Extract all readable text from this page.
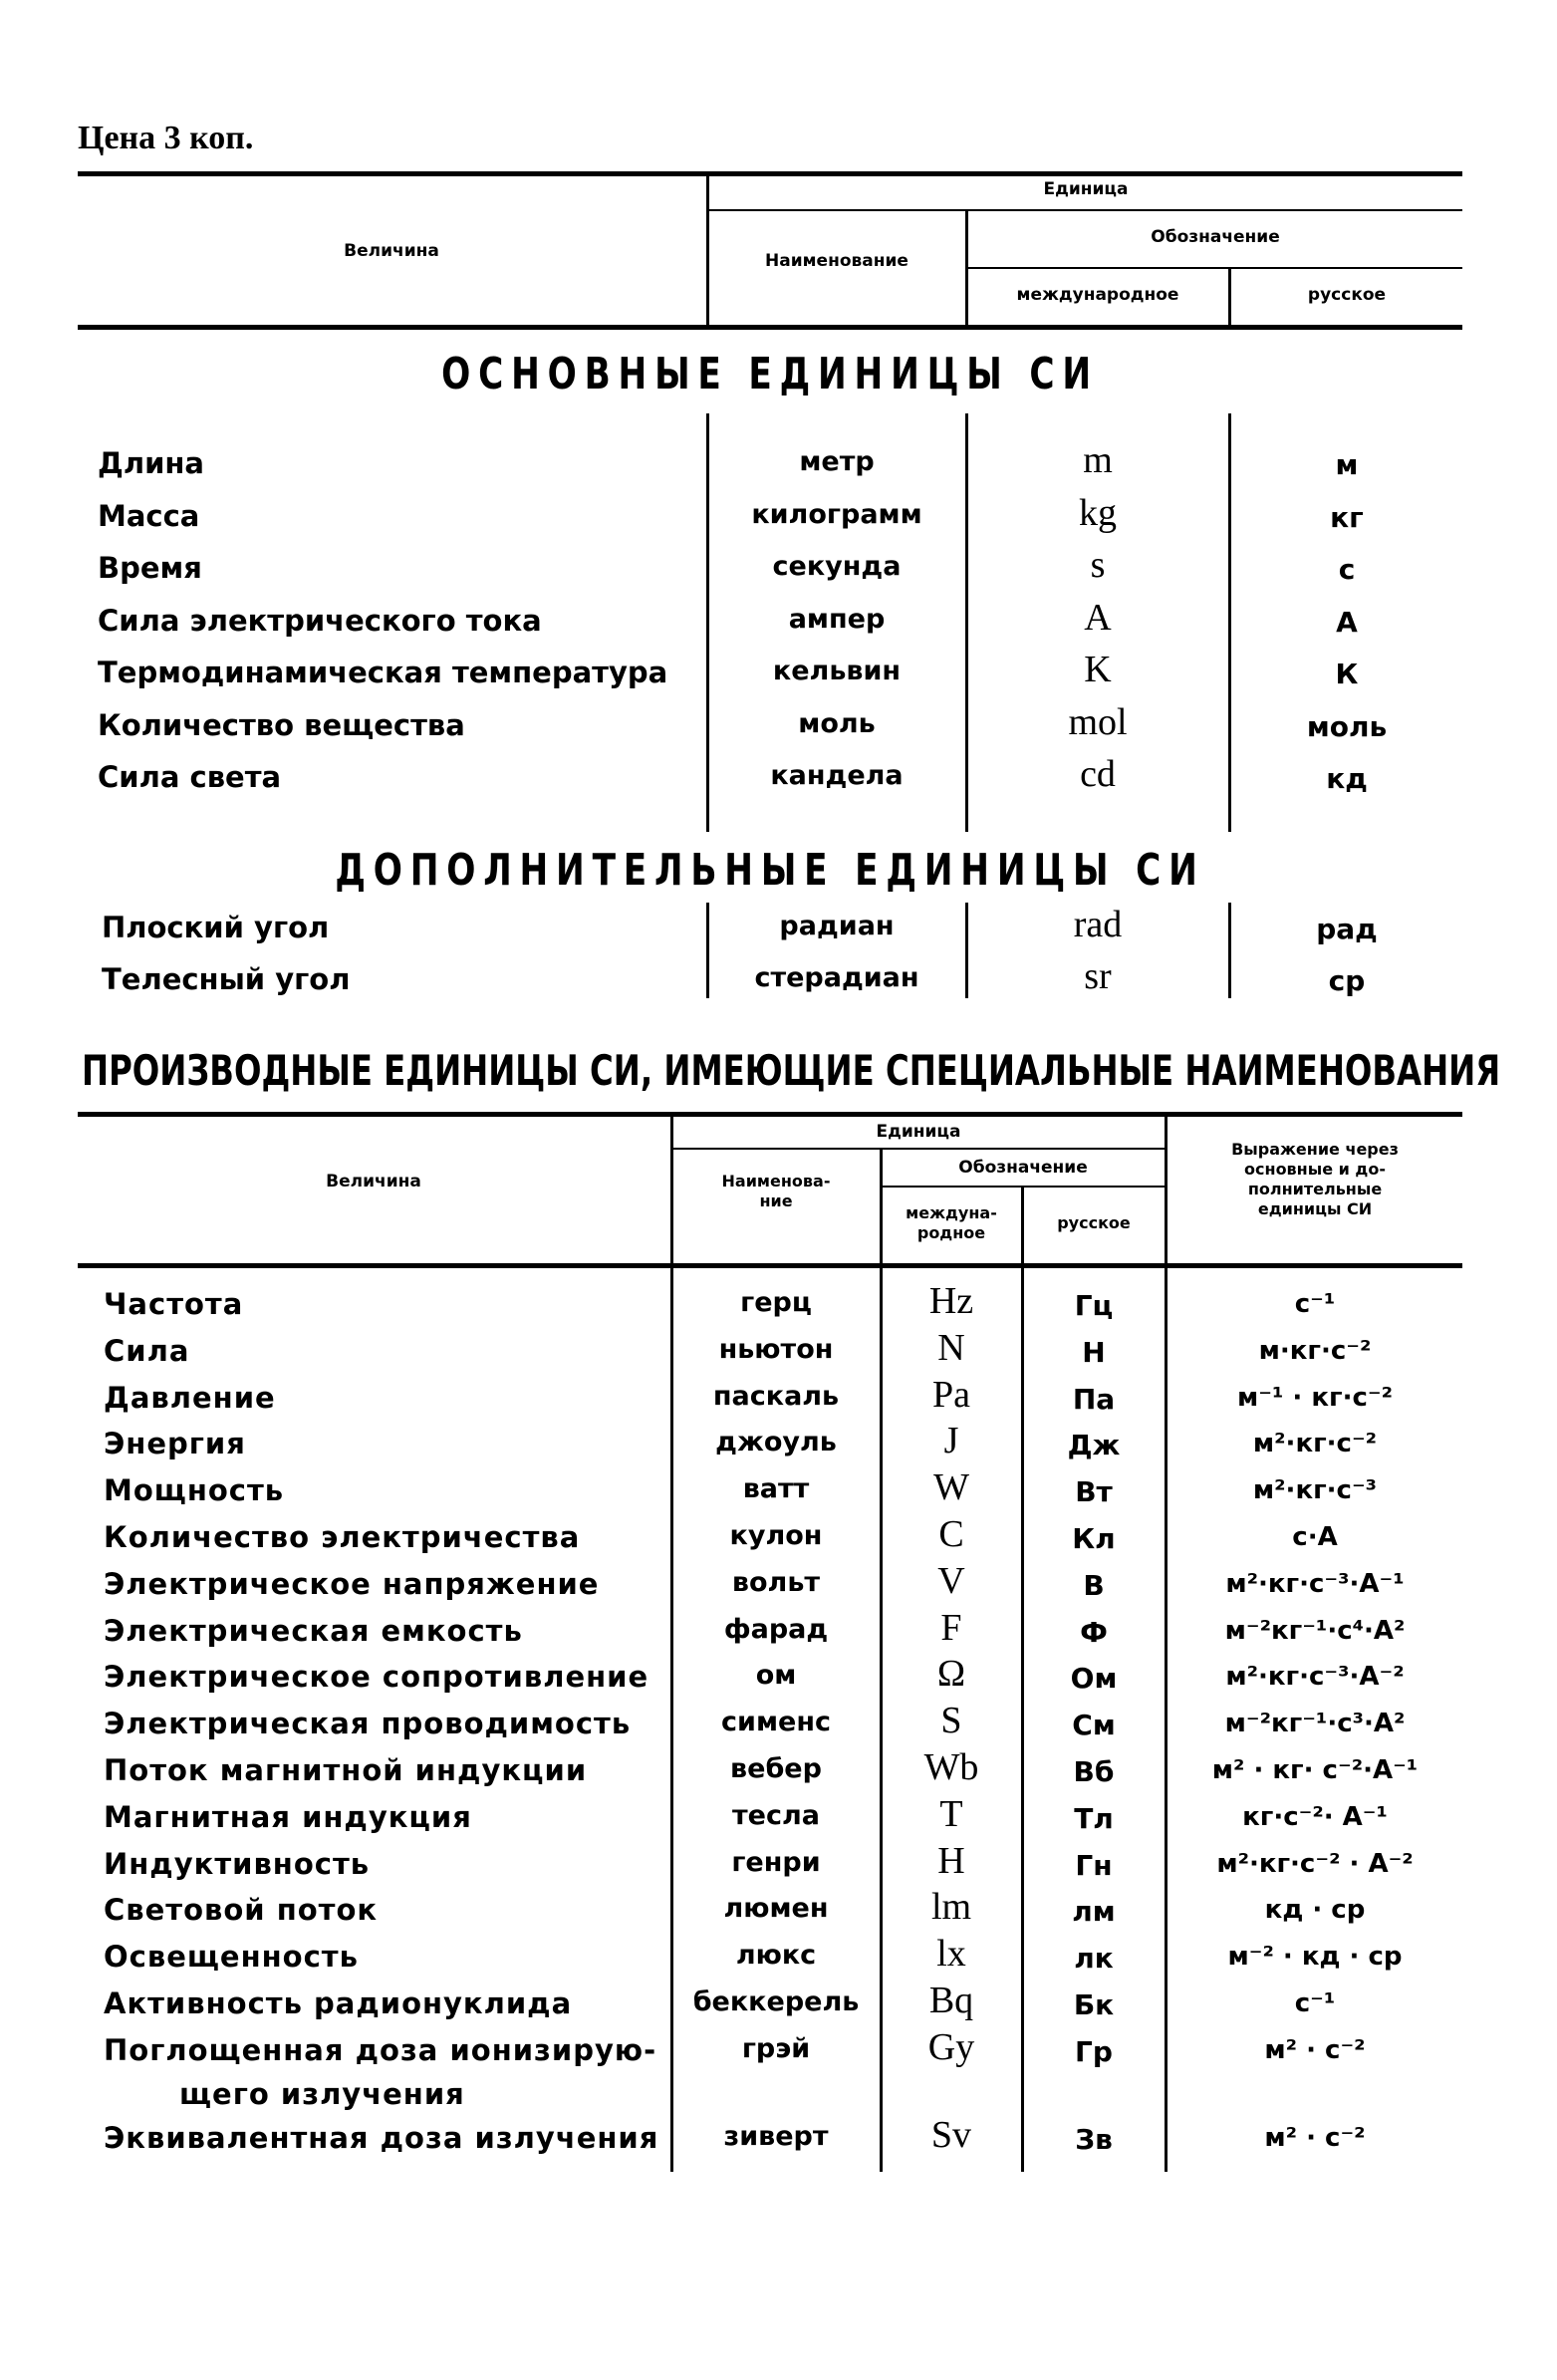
Цена 3 коп.
Величина
Единица
Наименование
Обозначение
международное	русское
ОСНОВНЫЕ ЕДИНИЦЫ СИ
Длина	метр	m	м
Масса	килограмм	kg	кг
Время	секунда	s	с
Сила электрического тока	ампер	A	А
Термодинамическая температура	кельвин	K	К
Количество вещества	моль	mol	моль
Сила света	кандела	cd	кд
ДОПОЛНИТЕЛЬНЫЕ ЕДИНИЦЫ СИ
Плоский угол	радиан	rad	рад
Телесный угол	стерадиан	sr	ср
ПРОИЗВОДНЫЕ ЕДИНИЦЫ СИ, ИМЕЮЩИЕ СПЕЦИАЛЬНЫЕ НАИМЕНОВАНИЯ
Величина
Единица
Наименова-
ние
Обозначение
междуна-
родное
русское
Выражение через
основные и до-
полнительные
единицы СИ
Частота	герц	Hz	Гц	с⁻¹
Сила	ньютон	N	Н	м·кг·с⁻²
Давление	паскаль	Pa	Па	м⁻¹ · кг·с⁻²
Энергия	джоуль	J	Дж	м²·кг·с⁻²
Мощность	ватт	W	Вт	м²·кг·с⁻³
Количество электричества	кулон	C	Кл	с·А
Электрическое напряжение	вольт	V	В	м²·кг·с⁻³·А⁻¹
Электрическая емкость	фарад	F	Ф	м⁻²кг⁻¹·с⁴·А²
Электрическое сопротивление	ом	Ω	Ом	м²·кг·с⁻³·А⁻²
Электрическая проводимость	сименс	S	См	м⁻²кг⁻¹·с³·А²
Поток магнитной индукции	вебер	Wb	Вб	м² · кг· с⁻²·А⁻¹
Магнитная индукция	тесла	T	Тл	кг·с⁻²· А⁻¹
Индуктивность	генри	H	Гн	м²·кг·с⁻² · А⁻²
Световой поток	люмен	lm	лм	кд · ср
Освещенность	люкс	lx	лк	м⁻² · кд · ср
Активность радионуклида	беккерель	Bq	Бк	с⁻¹
Поглощенная доза ионизирую-	грэй	Gy	Гр	м² · с⁻²
щего излучения
Эквивалентная доза излучения	зиверт	Sv	Зв	м² · с⁻²
